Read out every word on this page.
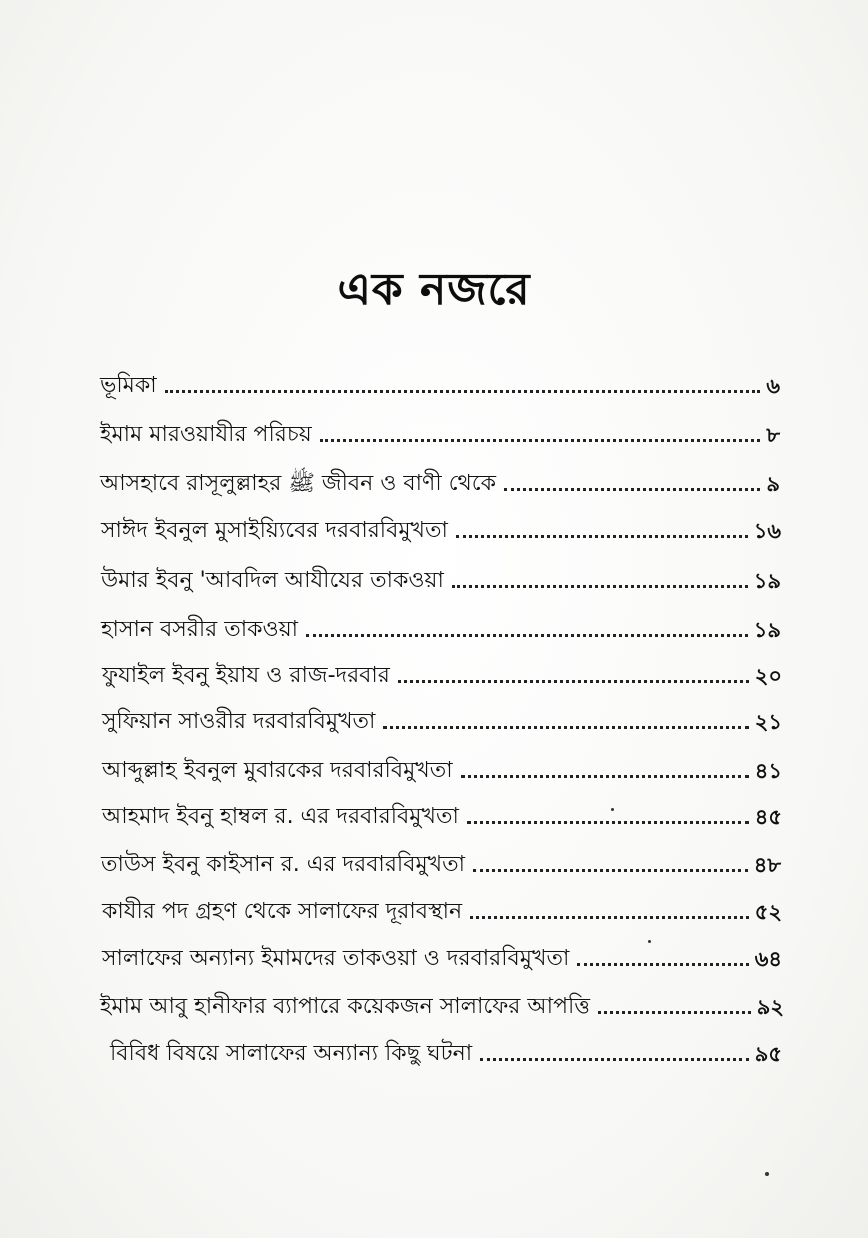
এক নজরে
ভূমিকা	৬
ইমাম মারওয়াযীর পরিচয়	৮
আসহাবে রাসূলুল্লাহর ﷺ জীবন ও বাণী থেকে	৯
সাঈদ ইবনুল মুসাইয়্যিবের দরবারবিমুখতা	১৬
উমার ইবনু 'আবদিল আযীযের তাকওয়া	১৯
হাসান বসরীর তাকওয়া	১৯
ফুযাইল ইবনু ইয়ায ও রাজ-দরবার	২০
সুফিয়ান সাওরীর দরবারবিমুখতা	২১
আব্দুল্লাহ ইবনুল মুবারকের দরবারবিমুখতা	৪১
আহমাদ ইবনু হাম্বল র. এর দরবারবিমুখতা	৪৫
তাউস ইবনু কাইসান র. এর দরবারবিমুখতা	৪৮
কাযীর পদ গ্রহণ থেকে সালাফের দূরাবস্থান	৫২
সালাফের অন্যান্য ইমামদের তাকওয়া ও দরবারবিমুখতা	৬৪
ইমাম আবু হানীফার ব্যাপারে কয়েকজন সালাফের আপত্তি	৯২
বিবিধ বিষয়ে সালাফের অন্যান্য কিছু ঘটনা	৯৫
